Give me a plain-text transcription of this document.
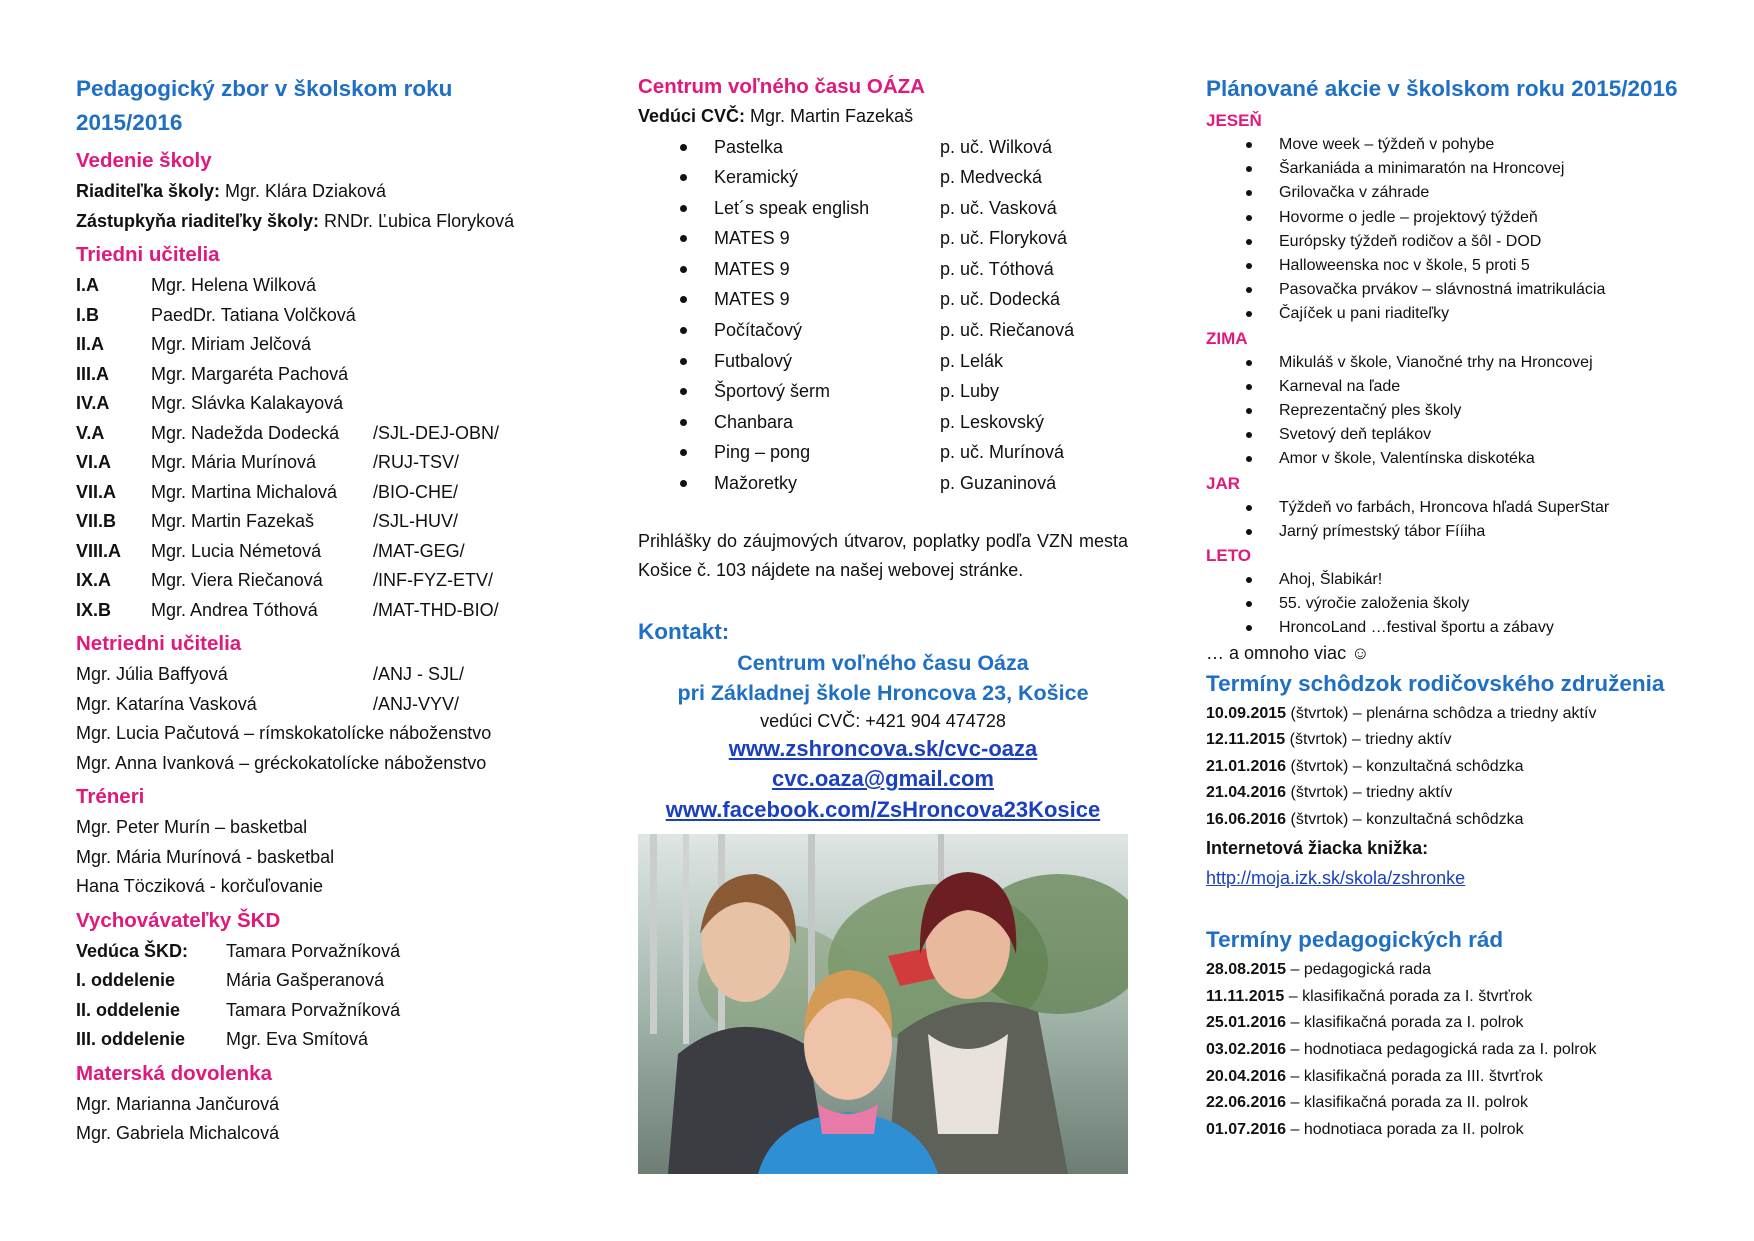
Pedagogický zbor v školskom roku 2015/2016
Vedenie školy
Riaditeľka školy: Mgr. Klára Dziaková
Zástupkyňa riaditeľky školy: RNDr. Ľubica Floryková
Triedni učitelia
I.A	Mgr. Helena Wilková
I.B	PaedDr. Tatiana Volčková
II.A	Mgr. Miriam Jelčová
III.A	Mgr. Margaréta Pachová
IV.A	Mgr. Slávka Kalakayová
V.A	Mgr. Nadežda Dodecká	/SJL-DEJ-OBN/
VI.A	Mgr. Mária Murínová	/RUJ-TSV/
VII.A	Mgr. Martina Michalová	/BIO-CHE/
VII.B	Mgr. Martin Fazekaš	/SJL-HUV/
VIII.A	Mgr. Lucia Németová	/MAT-GEG/
IX.A	Mgr. Viera Riečanová	/INF-FYZ-ETV/
IX.B	Mgr. Andrea Tóthová	/MAT-THD-BIO/
Netriedni učitelia
Mgr. Júlia Baffyová	/ANJ - SJL/
Mgr. Katarína Vasková	/ANJ-VYV/
Mgr. Lucia Pačutová – rímskokatolícke náboženstvo
Mgr. Anna Ivanková – gréckokatolícke náboženstvo
Tréneri
Mgr. Peter Murín – basketbal
Mgr. Mária Murínová - basketbal
Hana Töcziková - korčuľovanie
Vychovávateľky ŠKD
Vedúca ŠKD:	Tamara Porvažníková
I. oddelenie	Mária Gašperanová
II. oddelenie	Tamara Porvažníková
III. oddelenie	Mgr. Eva Smítová
Materská dovolenka
Mgr. Marianna Jančurová
Mgr. Gabriela Michalcová
Centrum voľného času OÁZA
Vedúci CVČ: Mgr. Martin Fazekaš
Pastelka	p. uč. Wilková
Keramický	p. Medvecká
Let´s speak english	p. uč. Vasková
MATES 9	p. uč. Floryková
MATES 9	p. uč. Tóthová
MATES 9	p. uč. Dodecká
Počítačový	p. uč. Riečanová
Futbalový	p. Lelák
Športový šerm	p. Luby
Chanbara	p. Leskovský
Ping – pong	p. uč. Murínová
Mažoretky	p. Guzaninová
Prihlášky do záujmových útvarov, poplatky podľa VZN mesta Košice č. 103 nájdete na našej webovej stránke.
Kontakt:
Centrum voľného času Oáza
pri Základnej škole Hroncova 23, Košice
vedúci CVČ: +421 904 474728
www.zshroncova.sk/cvc-oaza
cvc.oaza@gmail.com
www.facebook.com/ZsHroncova23Kosice
Plánované akcie v školskom roku 2015/2016
JESEŇ
Move week – týždeň v pohybe
Šarkaniáda a minimaratón na Hroncovej
Grilovačka v záhrade
Hovorme o jedle – projektový týždeň
Európsky týždeň rodičov a šôl - DOD
Halloweenska noc v škole, 5 proti 5
Pasovačka prvákov – slávnostná imatrikulácia
Čajíček u pani riaditeľky
ZIMA
Mikuláš v škole, Vianočné trhy na Hroncovej
Karneval na ľade
Reprezentačný ples školy
Svetový deň teplákov
Amor v škole, Valentínska diskotéka
JAR
Týždeň vo farbách, Hroncova hľadá SuperStar
Jarný prímestský tábor Fííiha
LETO
Ahoj, Šlabikár!
55. výročie založenia školy
HroncoLand …festival športu a zábavy
… a omnoho viac ☺
Termíny schôdzok rodičovského združenia
10.09.2015 (štvrtok) – plenárna schôdza a triedny aktív
12.11.2015 (štvrtok) – triedny aktív
21.01.2016 (štvrtok) – konzultačná schôdzka
21.04.2016 (štvrtok) – triedny aktív
16.06.2016 (štvrtok) – konzultačná schôdzka
Internetová žiacka knižka:
http://moja.izk.sk/skola/zshronke
Termíny pedagogických rád
28.08.2015 – pedagogická rada
11.11.2015 – klasifikačná porada za I. štvrťrok
25.01.2016 – klasifikačná porada za I. polrok
03.02.2016 – hodnotiaca pedagogická rada za I. polrok
20.04.2016 – klasifikačná porada za III. štvrťrok
22.06.2016 – klasifikačná porada za II. polrok
01.07.2016 – hodnotiaca porada za II. polrok
